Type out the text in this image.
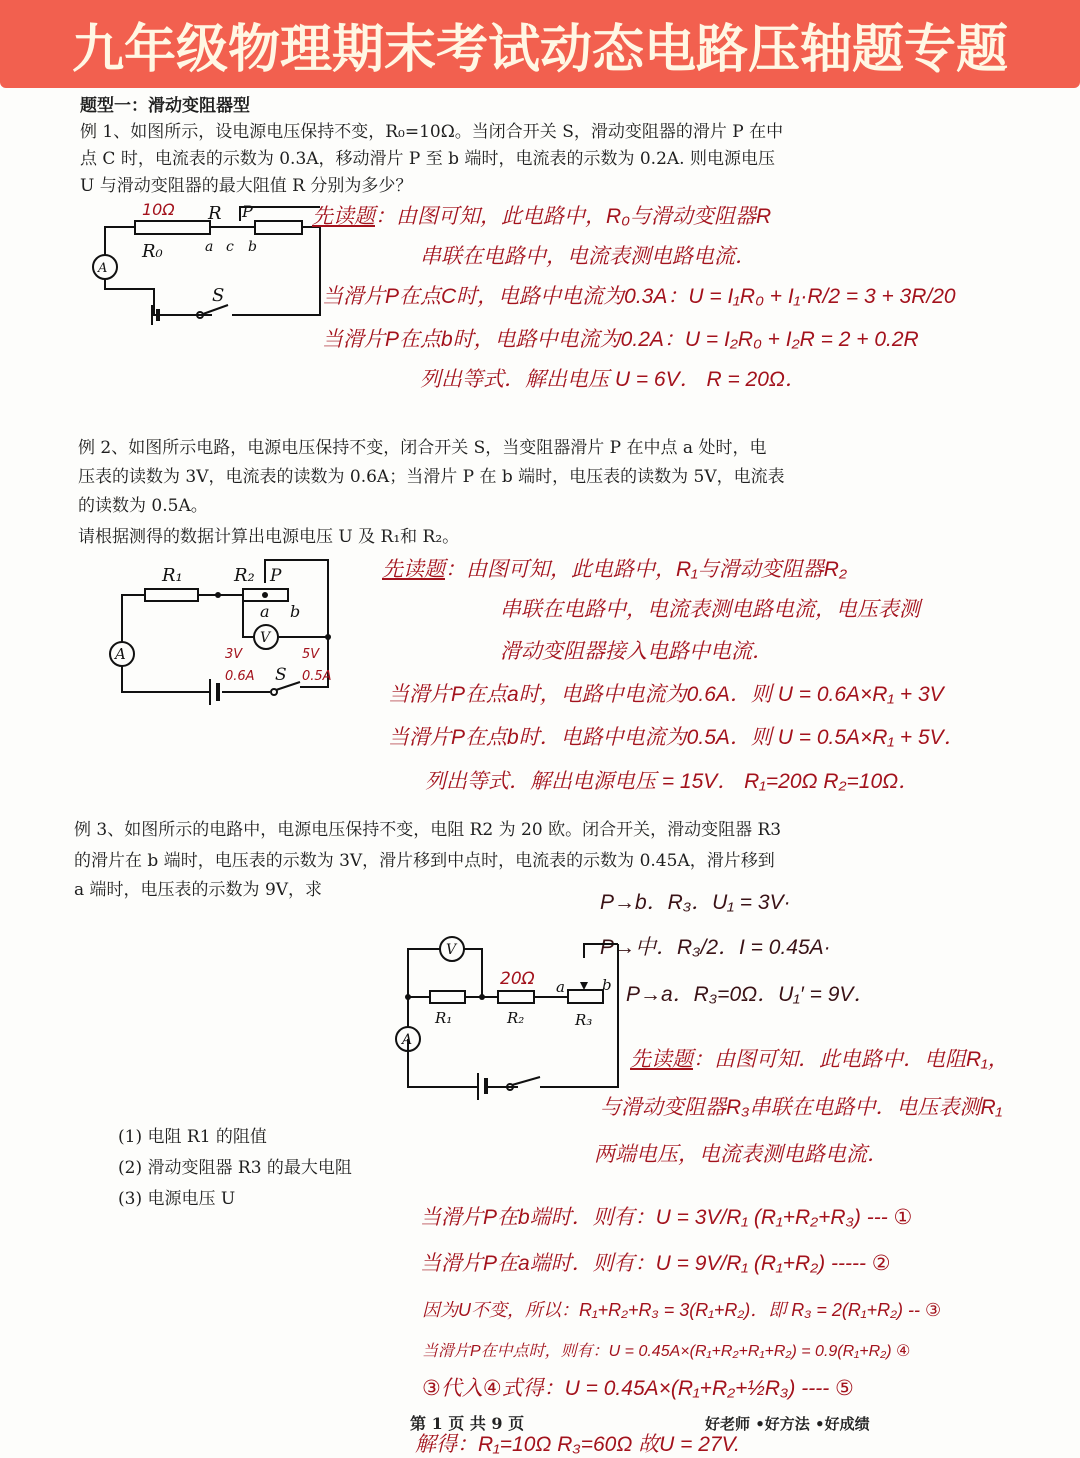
九年级物理期末考试动态电路压轴题专题
题型一：滑动变阻器型
例 1、如图所示，设电源电压保持不变，R₀=10Ω。当闭合开关 S，滑动变阻器的滑片 P 在中
点 C 时，电流表的示数为 0.3A，移动滑片 P 至 b 端时，电流表的示数为 0.2A. 则电源电压
U 与滑动变阻器的最大阻值 R 分别为多少？
A
10Ω
R₀
R P
a c b
S
先读题：由图可知，此电路中，R₀与滑动变阻器R
串联在电路中，电流表测电路电流．
当滑片P在点C时，电路中电流为0.3A：U = I₁R₀ + I₁·R/2 = 3 + 3R/20
当滑片P在点b时，电路中电流为0.2A：U = I₂R₀ + I₂R = 2 + 0.2R
列出等式．解出电压 U = 6V． R = 20Ω．
例 2、如图所示电路，电源电压保持不变，闭合开关 S，当变阻器滑片 P 在中点 a 处时，电
压表的读数为 3V，电流表的读数为 0.6A；当滑片 P 在 b 端时，电压表的读数为 5V，电流表
的读数为 0.5A。
请根据测得的数据计算出电源电压 U 及 R₁和 R₂。
A
V
R₁	R₂ P
a b
S
3V
0.6A
5V
0.5A
先读题：由图可知，此电路中，R₁与滑动变阻器R₂
串联在电路中，电流表测电路电流，电压表测
滑动变阻器接入电路中电流．
当滑片P在点a时，电路中电流为0.6A．则 U = 0.6A×R₁ + 3V
当滑片P在点b时．电路中电流为0.5A．则 U = 0.5A×R₁ + 5V．
列出等式．解出电源电压 = 15V． R₁=20Ω R₂=10Ω．
例 3、如图所示的电路中，电源电压保持不变，电阻 R2 为 20 欧。闭合开关，滑动变阻器 R3
的滑片在 b 端时，电压表的示数为 3V，滑片移到中点时，电流表的示数为 0.45A，滑片移到
a 端时，电压表的示数为 9V，求
P→b．R₃．U₁ = 3V·
P→中．R₃/2．I = 0.45A·
P→a．R₃=0Ω．U₁′ = 9V．
V
A
R₁	R₂	R₃
20Ω a b
先读题：由图可知．此电路中．电阻R₁，
与滑动变阻器R₃串联在电路中．电压表测R₁
两端电压，电流表测电路电流．
(1) 电阻 R1 的阻值
(2) 滑动变阻器 R3 的最大电阻
(3) 电源电压 U
当滑片P在b端时．则有：U = 3V/R₁ (R₁+R₂+R₃) --- ①
当滑片P在a端时．则有：U = 9V/R₁ (R₁+R₂) ----- ②
因为U不变，所以：R₁+R₂+R₃ = 3(R₁+R₂)．即 R₃ = 2(R₁+R₂) -- ③
当滑片P在中点时，则有：U = 0.45A×(R₁+R₂+R₁+R₂) = 0.9(R₁+R₂) ④
③代入④式得：U = 0.45A×(R₁+R₂+½R₃) ---- ⑤
第 1 页 共 9 页	好老师 •好方法 •好成绩
解得：R₁=10Ω R₃=60Ω 故U = 27V.
